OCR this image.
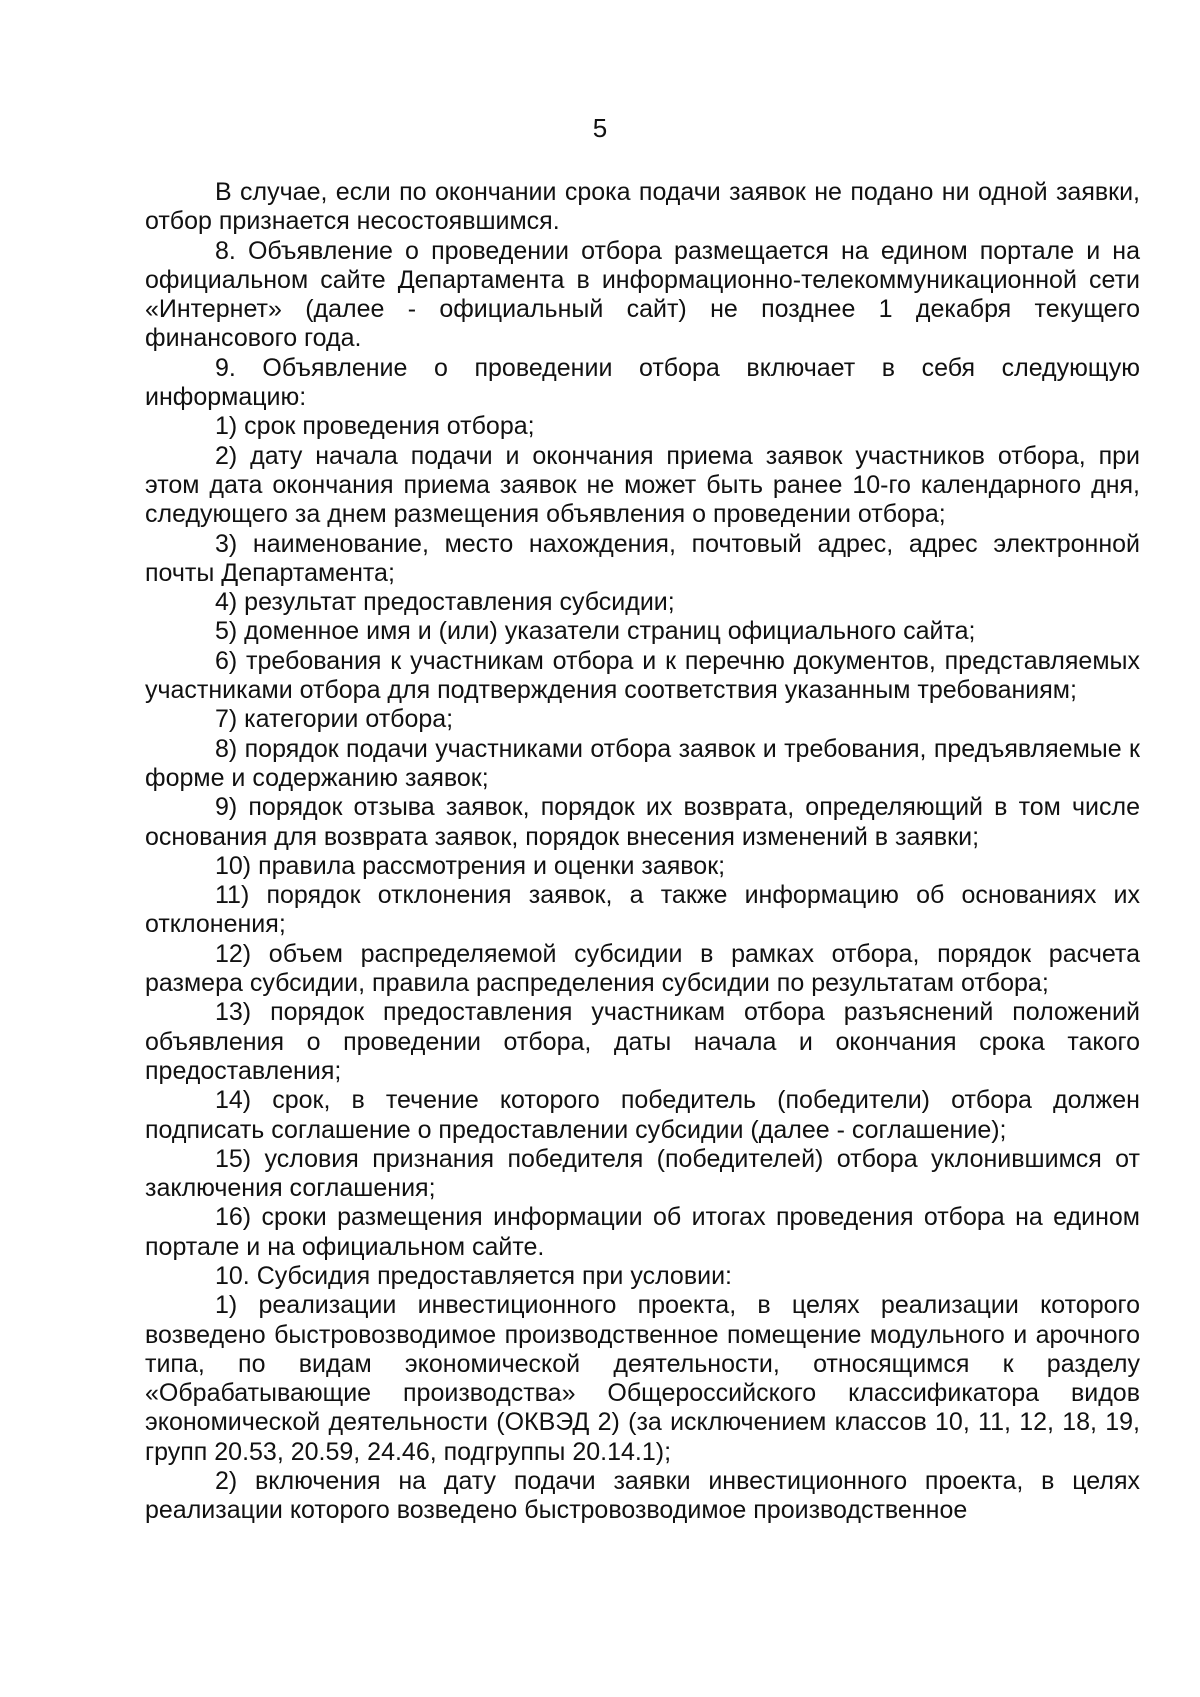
5

В случае, если по окончании срока подачи заявок не подано ни одной заявки, отбор признается несостоявшимся.

8. Объявление о проведении отбора размещается на едином портале и на официальном сайте Департамента в информационно-телекоммуникационной сети «Интернет» (далее - официальный сайт) не позднее 1 декабря текущего финансового года.

9. Объявление о проведении отбора включает в себя следующую информацию:

1) срок проведения отбора;

2) дату начала подачи и окончания приема заявок участников отбора, при этом дата окончания приема заявок не может быть ранее 10-го календарного дня, следующего за днем размещения объявления о проведении отбора;

3) наименование, место нахождения, почтовый адрес, адрес электронной почты Департамента;

4) результат предоставления субсидии;

5) доменное имя и (или) указатели страниц официального сайта;

6) требования к участникам отбора и к перечню документов, представляемых участниками отбора для подтверждения соответствия указанным требованиям;

7) категории отбора;

8) порядок подачи участниками отбора заявок и требования, предъявляемые к форме и содержанию заявок;

9) порядок отзыва заявок, порядок их возврата, определяющий в том числе основания для возврата заявок, порядок внесения изменений в заявки;

10) правила рассмотрения и оценки заявок;

11) порядок отклонения заявок, а также информацию об основаниях их отклонения;

12) объем распределяемой субсидии в рамках отбора, порядок расчета размера субсидии, правила распределения субсидии по результатам отбора;

13) порядок предоставления участникам отбора разъяснений положений объявления о проведении отбора, даты начала и окончания срока такого предоставления;

14) срок, в течение которого победитель (победители) отбора должен подписать соглашение о предоставлении субсидии (далее - соглашение);

15) условия признания победителя (победителей) отбора уклонившимся от заключения соглашения;

16) сроки размещения информации об итогах проведения отбора на едином портале и на официальном сайте.

10. Субсидия предоставляется при условии:

1) реализации инвестиционного проекта, в целях реализации которого возведено быстровозводимое производственное помещение модульного и арочного типа, по видам экономической деятельности, относящимся к разделу «Обрабатывающие производства» Общероссийского классификатора видов экономической деятельности (ОКВЭД 2) (за исключением классов 10, 11, 12, 18, 19, групп 20.53, 20.59, 24.46, подгруппы 20.14.1);

2) включения на дату подачи заявки инвестиционного проекта, в целях реализации которого возведено быстровозводимое производственное
